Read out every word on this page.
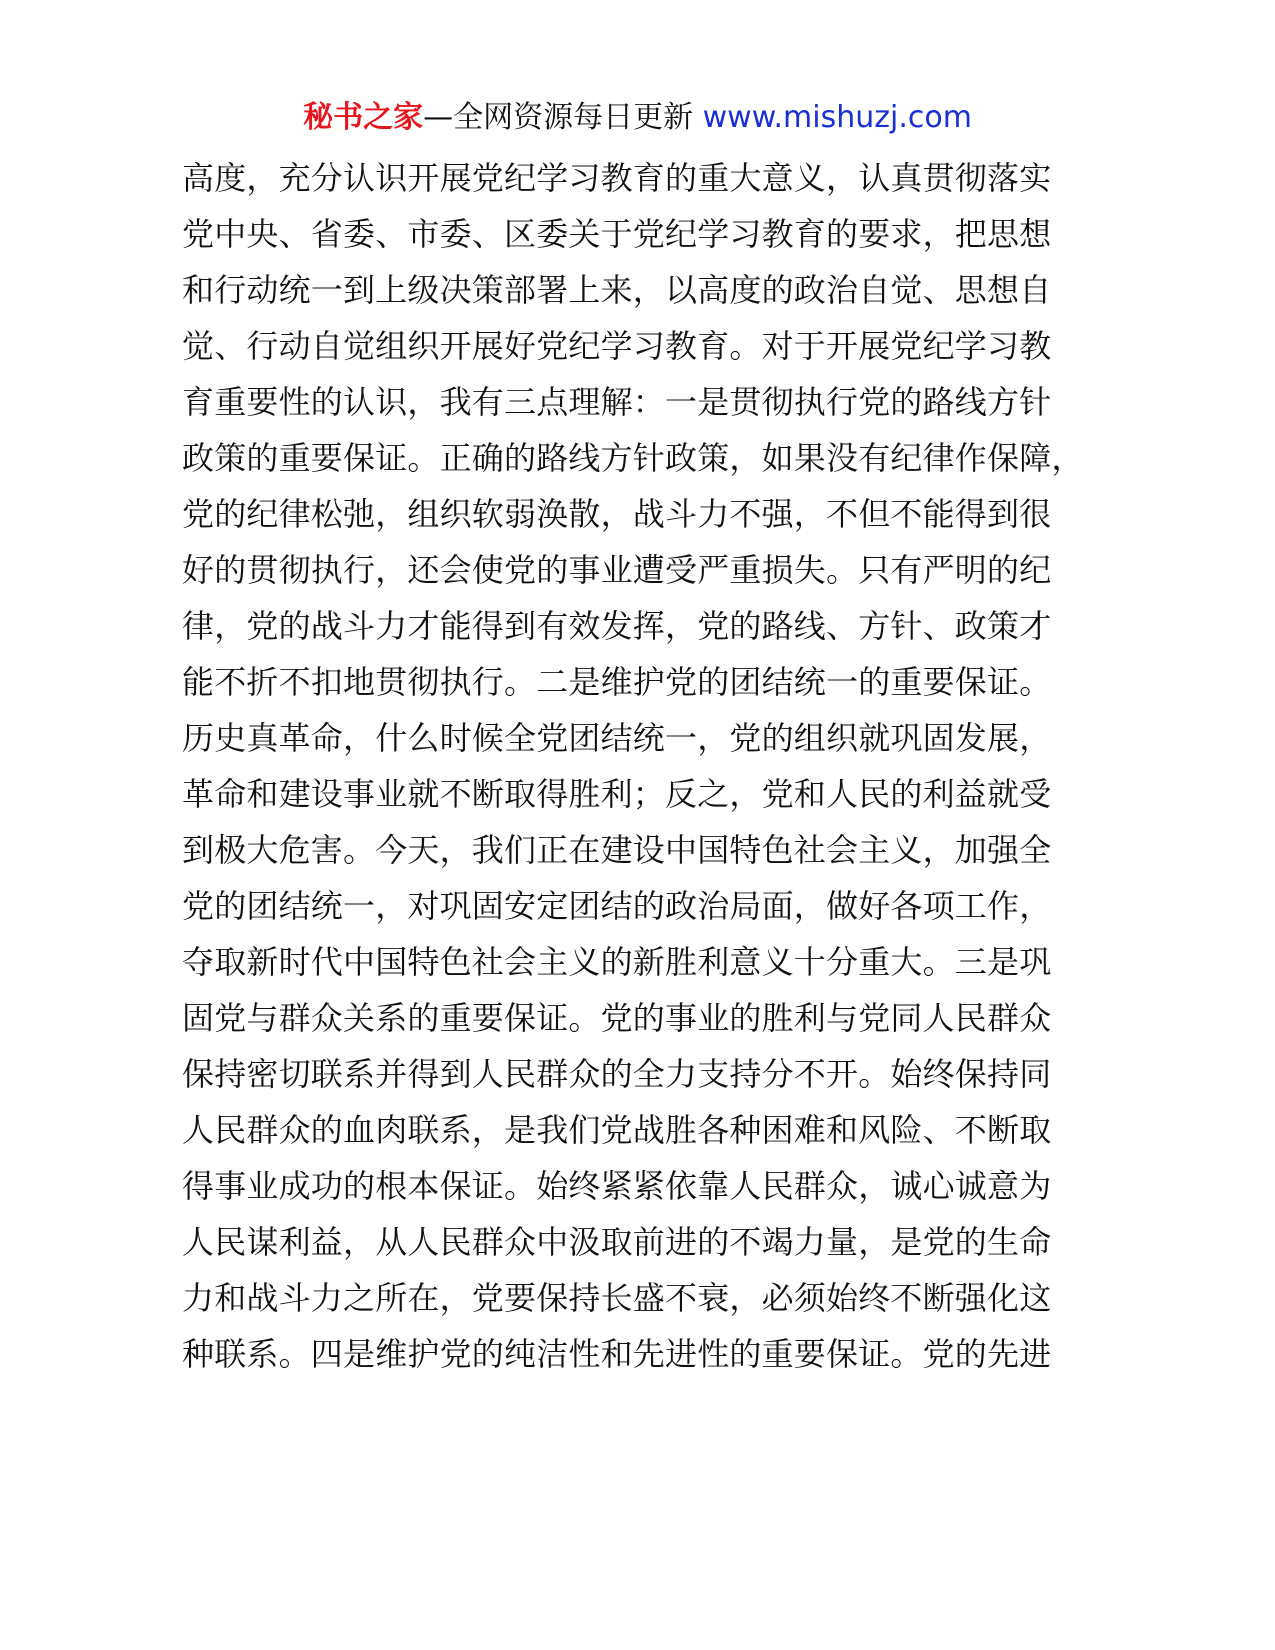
秘书之家—全网资源每日更新 www.mishuzj.com
高度，充分认识开展党纪学习教育的重大意义，认真贯彻落实
党中央、省委、市委、区委关于党纪学习教育的要求，把思想
和行动统一到上级决策部署上来，以高度的政治自觉、思想自
觉、行动自觉组织开展好党纪学习教育。对于开展党纪学习教
育重要性的认识，我有三点理解：一是贯彻执行党的路线方针
政策的重要保证。正确的路线方针政策，如果没有纪律作保障，
党的纪律松弛，组织软弱涣散，战斗力不强，不但不能得到很
好的贯彻执行，还会使党的事业遭受严重损失。只有严明的纪
律，党的战斗力才能得到有效发挥，党的路线、方针、政策才
能不折不扣地贯彻执行。二是维护党的团结统一的重要保证。
历史真革命，什么时候全党团结统一，党的组织就巩固发展，
革命和建设事业就不断取得胜利；反之，党和人民的利益就受
到极大危害。今天，我们正在建设中国特色社会主义，加强全
党的团结统一，对巩固安定团结的政治局面，做好各项工作，
夺取新时代中国特色社会主义的新胜利意义十分重大。三是巩
固党与群众关系的重要保证。党的事业的胜利与党同人民群众
保持密切联系并得到人民群众的全力支持分不开。始终保持同
人民群众的血肉联系，是我们党战胜各种困难和风险、不断取
得事业成功的根本保证。始终紧紧依靠人民群众，诚心诚意为
人民谋利益，从人民群众中汲取前进的不竭力量，是党的生命
力和战斗力之所在，党要保持长盛不衰，必须始终不断强化这
种联系。四是维护党的纯洁性和先进性的重要保证。党的先进
